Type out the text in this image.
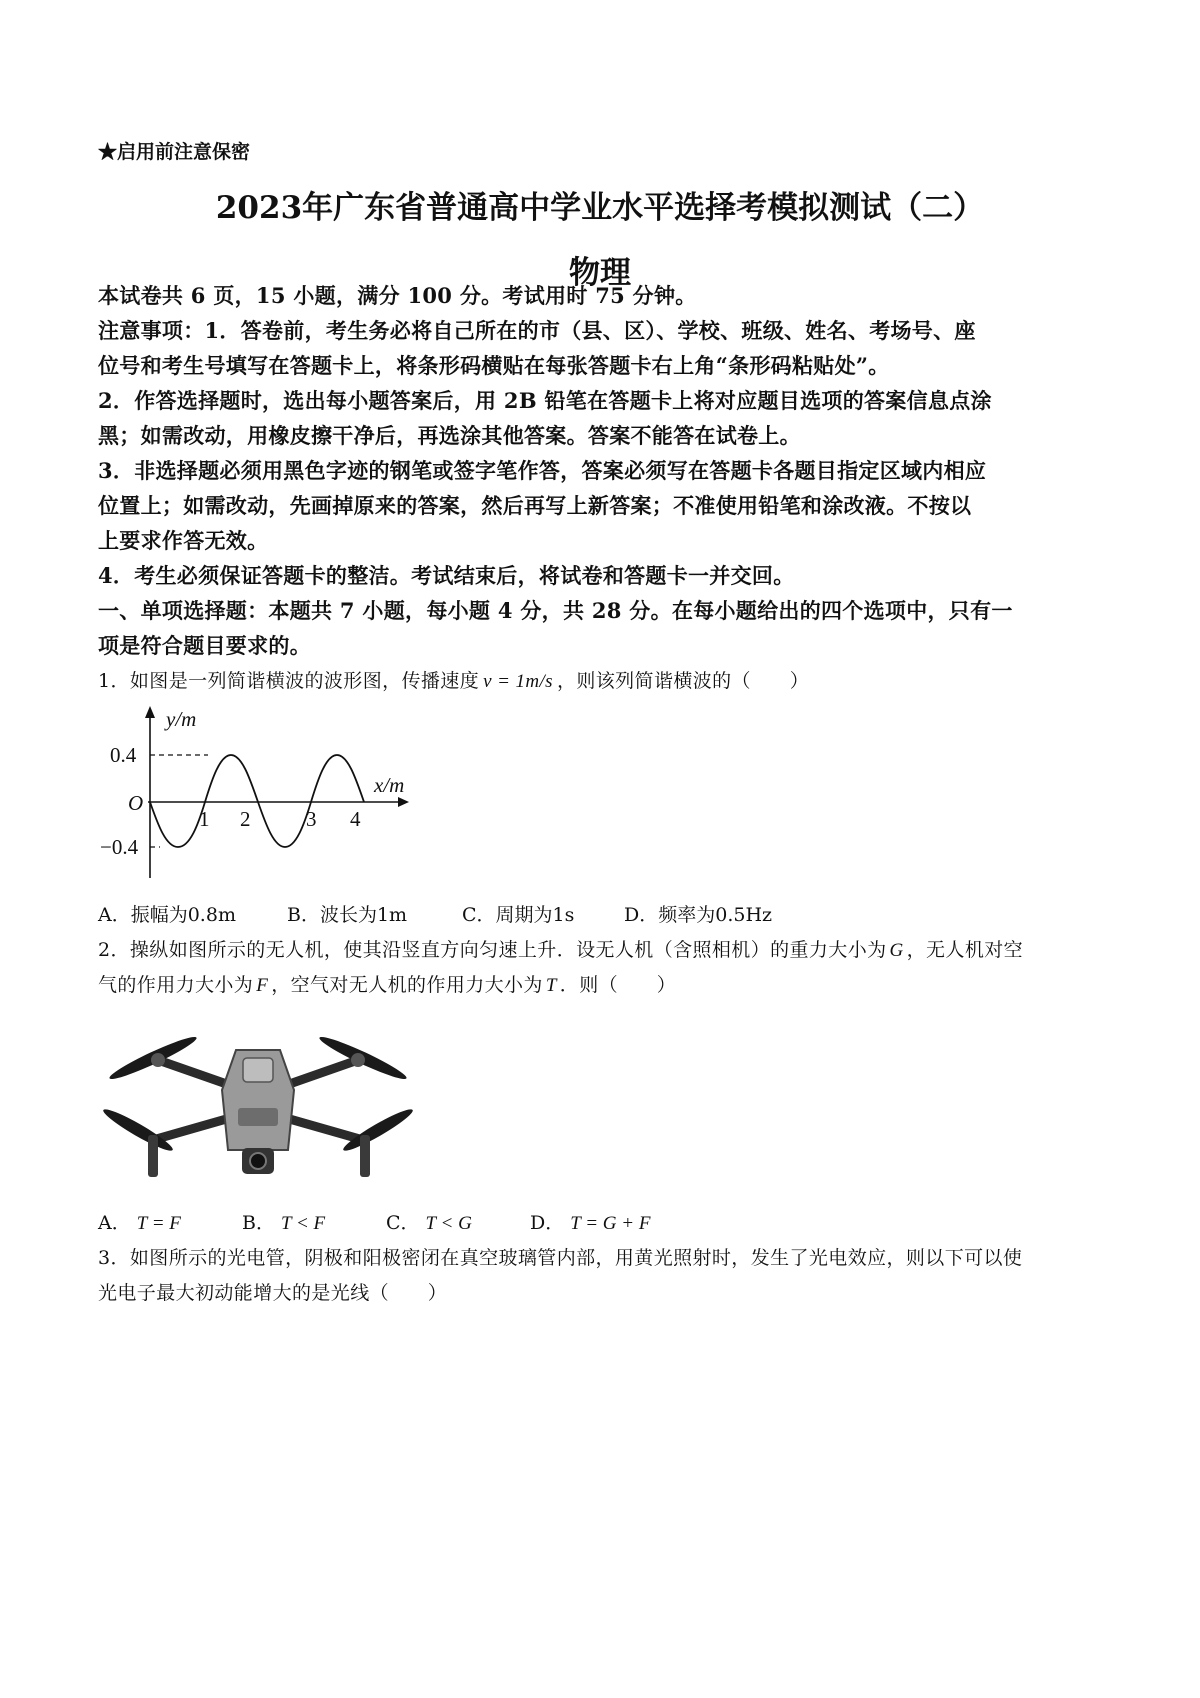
★启用前注意保密
2023年广东省普通高中学业水平选择考模拟测试（二）
物理
本试卷共 6 页，15 小题，满分 100 分。考试用时 75 分钟。
注意事项：1．答卷前，考生务必将自己所在的市（县、区）、学校、班级、姓名、考场号、座
位号和考生号填写在答题卡上，将条形码横贴在每张答题卡右上角“条形码粘贴处”。
2．作答选择题时，选出每小题答案后，用 2B 铅笔在答题卡上将对应题目选项的答案信息点涂
黑；如需改动，用橡皮擦干净后，再选涂其他答案。答案不能答在试卷上。
3．非选择题必须用黑色字迹的钢笔或签字笔作答，答案必须写在答题卡各题目指定区域内相应
位置上；如需改动，先画掉原来的答案，然后再写上新答案；不准使用铅笔和涂改液。不按以
上要求作答无效。
4．考生必须保证答题卡的整洁。考试结束后，将试卷和答题卡一并交回。
一、单项选择题：本题共 7 小题，每小题 4 分，共 28 分。在每小题给出的四个选项中，只有一
项是符合题目要求的。
1．如图是一列简谐横波的波形图，传播速度 v = 1m/s ，则该列简谐横波的（　　）
y/m
x/m
O
0.4
−0.4
1 2	3 4
A．振幅为0.8m	B．波长为1m	C．周期为1s	D．频率为0.5Hz
2．操纵如图所示的无人机，使其沿竖直方向匀速上升．设无人机（含照相机）的重力大小为 G ，无人机对空
气的作用力大小为 F ，空气对无人机的作用力大小为 T ．则（　　）
A． T = F	B． T < F	C． T < G	D． T = G + F
3．如图所示的光电管，阴极和阳极密闭在真空玻璃管内部，用黄光照射时，发生了光电效应，则以下可以使
光电子最大初动能增大的是光线（　　）
